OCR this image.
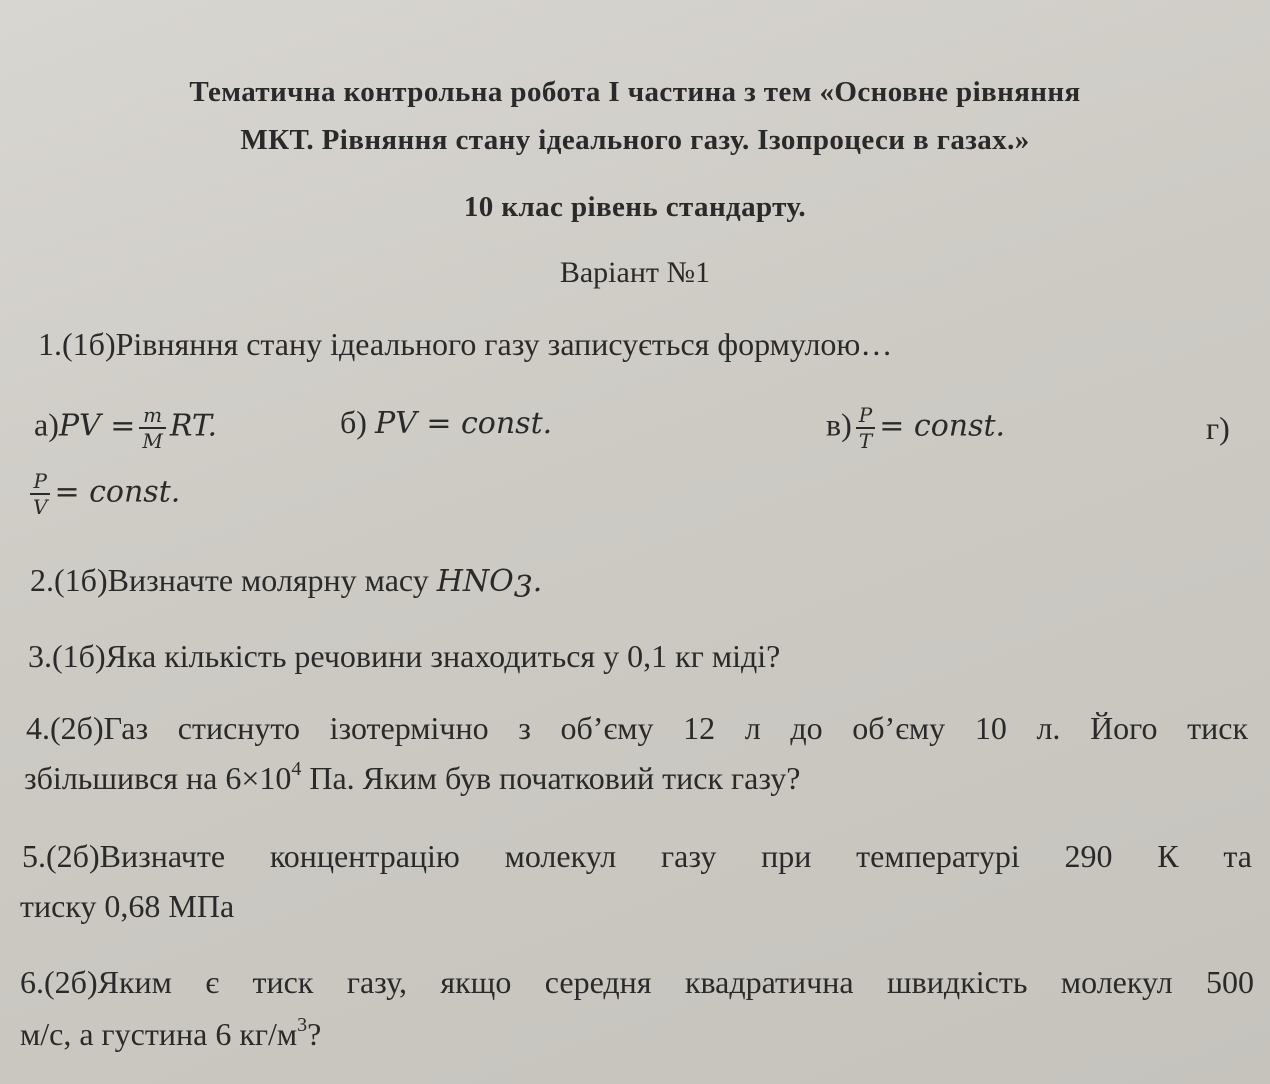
Тематична контрольна робота І частина з тем «Основне рівняння
МКТ. Рівняння стану ідеального газу. Ізопроцеси в газах.»
10 клас рівень стандарту.
Варіант №1
1.(1б)Рівняння стану ідеального газу записується формулою…
$а)PV = \frac{m}{M}$ RT.	б) PV = const.	$в) \frac{P}{T}$ = const.	г)
$\frac{P}{V}$ = const.
2.(1б)Визначте молярну масу $HNO_3$.
3.(1б)Яка кількість речовини знаходиться у 0,1 кг міді?
4.(2б)Газ стиснуто ізотермічно з об’єму 12 л до об’єму 10 л. Його тиск
збільшився на $6\times 10^4$ Па. Яким був початковий тиск газу?
5.(2б)Визначте концентрацію молекул газу при температурі 290 К та
тиску 0,68 МПа
6.(2б)Яким є тиск газу, якщо середня квадратична швидкість молекул 500
м/с, а густина 6 $кг/м^3$?
